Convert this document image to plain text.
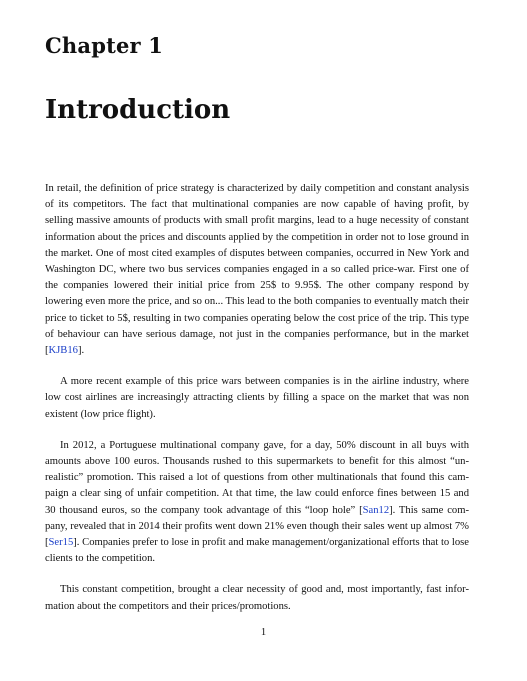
Chapter 1
Introduction

In retail, the definition of price strategy is characterized by daily competition and constant analysis of its competitors. The fact that multinational companies are now capable of having profit, by selling massive amounts of products with small profit margins, lead to a huge necessity of constant information about the prices and discounts applied by the competition in order not to lose ground in the market. One of most cited examples of disputes between companies, occurred in New York and Washington DC, where two bus services companies engaged in a so called price-war. First one of the companies lowered their initial price from 25$ to 9.95$. The other company respond by lowering even more the price, and so on... This lead to the both companies to eventually match their price to ticket to 5$, resulting in two companies operating below the cost price of the trip. This type of behaviour can have serious damage, not just in the companies performance, but in the market [KJB16].

A more recent example of this price wars between companies is in the airline industry, where low cost airlines are increasingly attracting clients by filling a space on the market that was non existent (low price flight).

In 2012, a Portuguese multinational company gave, for a day, 50% discount in all buys with amounts above 100 euros. Thousands rushed to this supermarkets to benefit for this almost “un-realistic” promotion. This raised a lot of questions from other multinationals that found this cam-paign a clear sing of unfair competition. At that time, the law could enforce fines between 15 and 30 thousand euros, so the company took advantage of this “loop hole” [San12]. This same com-pany, revealed that in 2014 their profits went down 21% even though their sales went up almost 7% [Ser15]. Companies prefer to lose in profit and make management/organizational efforts that to lose clients to the competition.

This constant competition, brought a clear necessity of good and, most importantly, fast infor-mation about the competitors and their prices/promotions.

1
